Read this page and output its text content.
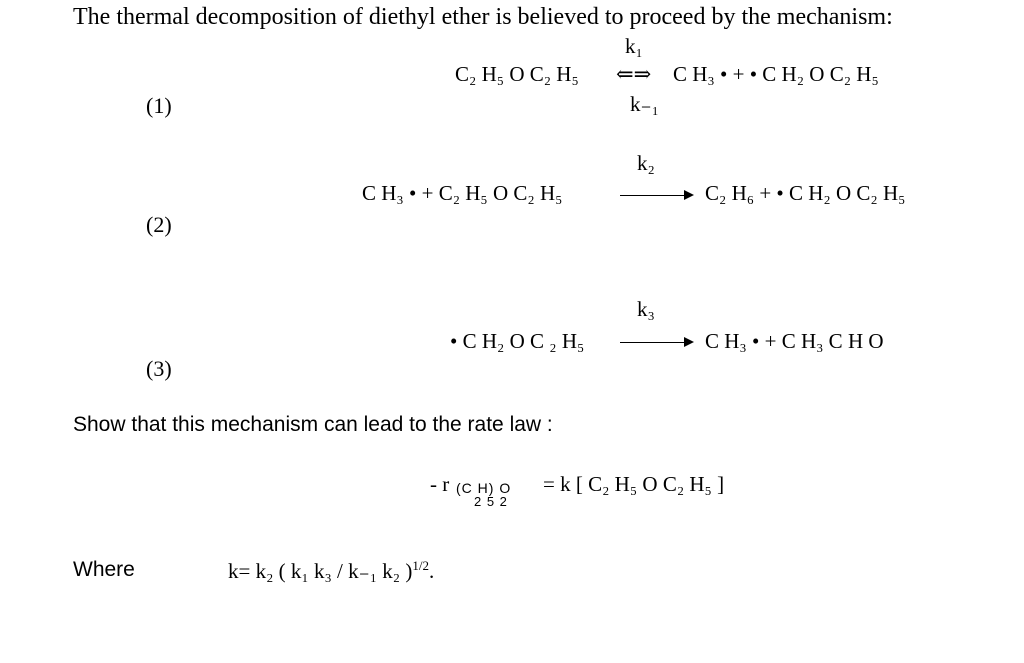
The thermal decomposition of diethyl ether is believed to proceed by the mechanism:
k₁
C₂ H₅ O C₂ H₅ ⇐⇒ C H₃ • + • C H₂ O C₂ H₅
(1)	k₋₁
k₂
C H₃ • + C₂ H₅ O C₂ H₅	C₂ H₆ + • C H₂ O C₂ H₅
(2)
k₃
• C H₂ O C ₂ H₅	C H₃ • + C H₃ C H O
(3)
Show that this mechanism can lead to the rate law :
- r (C H) O
2 5 2
= k [ C₂ H₅ O C₂ H₅ ]
Where	k= k₂ ( k₁ k₃ / k₋₁ k₂ )$^{1/2}$.
